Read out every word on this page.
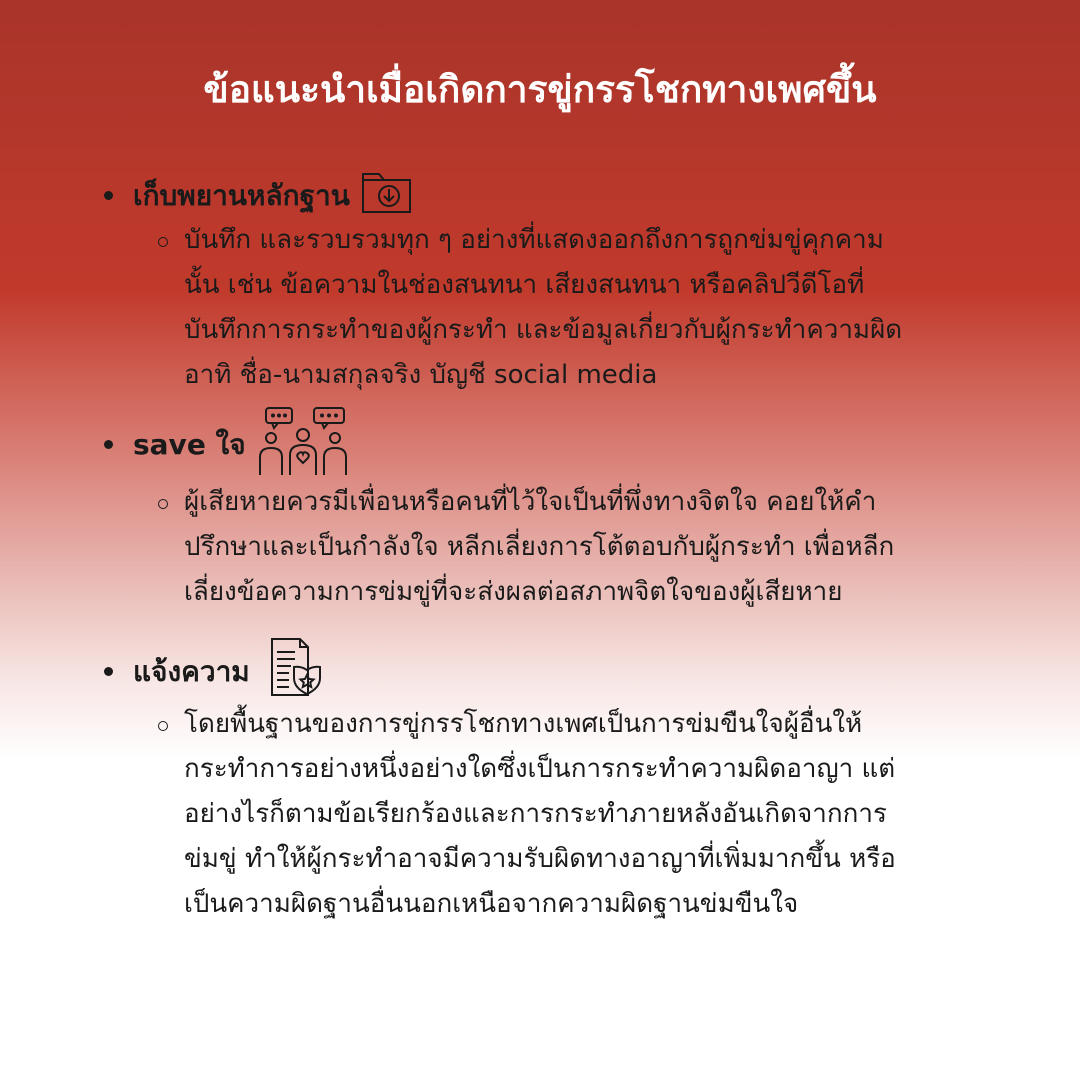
ข้อแนะนำเมื่อเกิดการขู่กรรโชกทางเพศขึ้น
เก็บพยานหลักฐาน
บันทึก และรวบรวมทุก ๆ อย่างที่แสดงออกถึงการถูกข่มขู่คุกคาม
นั้น เช่น ข้อความในช่องสนทนา เสียงสนทนา หรือคลิปวีดีโอที่
บันทึกการกระทำของผู้กระทำ และข้อมูลเกี่ยวกับผู้กระทำความผิด
อาทิ ชื่อ-นามสกุลจริง บัญชี social media
save ใจ
ผู้เสียหายควรมีเพื่อนหรือคนที่ไว้ใจเป็นที่พึ่งทางจิตใจ คอยให้คำ
ปรึกษาและเป็นกำลังใจ หลีกเลี่ยงการโต้ตอบกับผู้กระทำ เพื่อหลีก
เลี่ยงข้อความการข่มขู่ที่จะส่งผลต่อสภาพจิตใจของผู้เสียหาย
แจ้งความ
โดยพื้นฐานของการขู่กรรโชกทางเพศเป็นการข่มขืนใจผู้อื่นให้
กระทำการอย่างหนึ่งอย่างใดซึ่งเป็นการกระทำความผิดอาญา แต่
อย่างไรก็ตามข้อเรียกร้องและการกระทำภายหลังอันเกิดจากการ
ข่มขู่ ทำให้ผู้กระทำอาจมีความรับผิดทางอาญาที่เพิ่มมากขึ้น หรือ
เป็นความผิดฐานอื่นนอกเหนือจากความผิดฐานข่มขืนใจ
